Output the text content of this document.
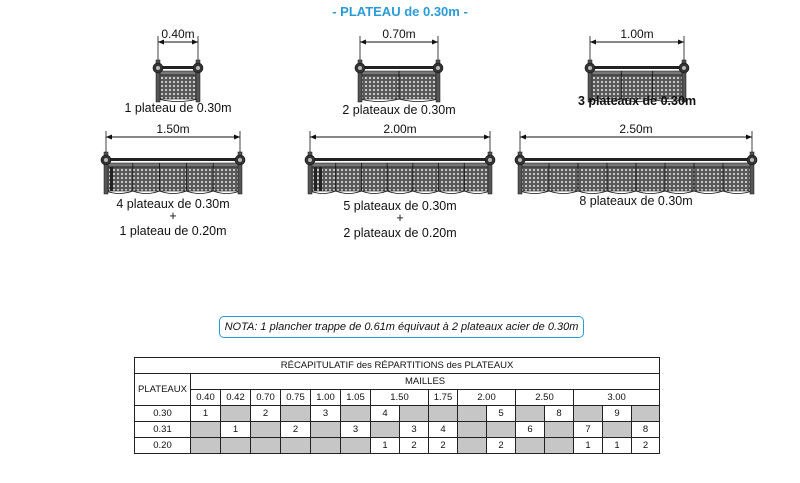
- PLATEAU de 0.30m -
0.40m
1 plateau de 0.30m
0.70m
2 plateaux de 0.30m
1.00m
3 plateaux de 0.30m
1.50m
4 plateaux de 0.30m
+
1 plateau de 0.20m
2.00m
5 plateaux de 0.30m
+
2 plateaux de 0.20m
2.50m
8 plateaux de 0.30m
NOTA: 1 plancher trappe de 0.61m équivaut à 2 plateaux acier de 0.30m
RÉCAPITULATIF des RÉPARTITIONS des PLATEAUX																
PLATEAUX	MAILLES															
	0.40	0.42	0.70	0.75	1.00	1.05	1.50		1.75	2.00		2.50		3.00		
0.30	1		2		3		4				5		8		9	
0.31		1		2		3		3	4			6		7		8
0.20							1	2	2		2			1	1	2
